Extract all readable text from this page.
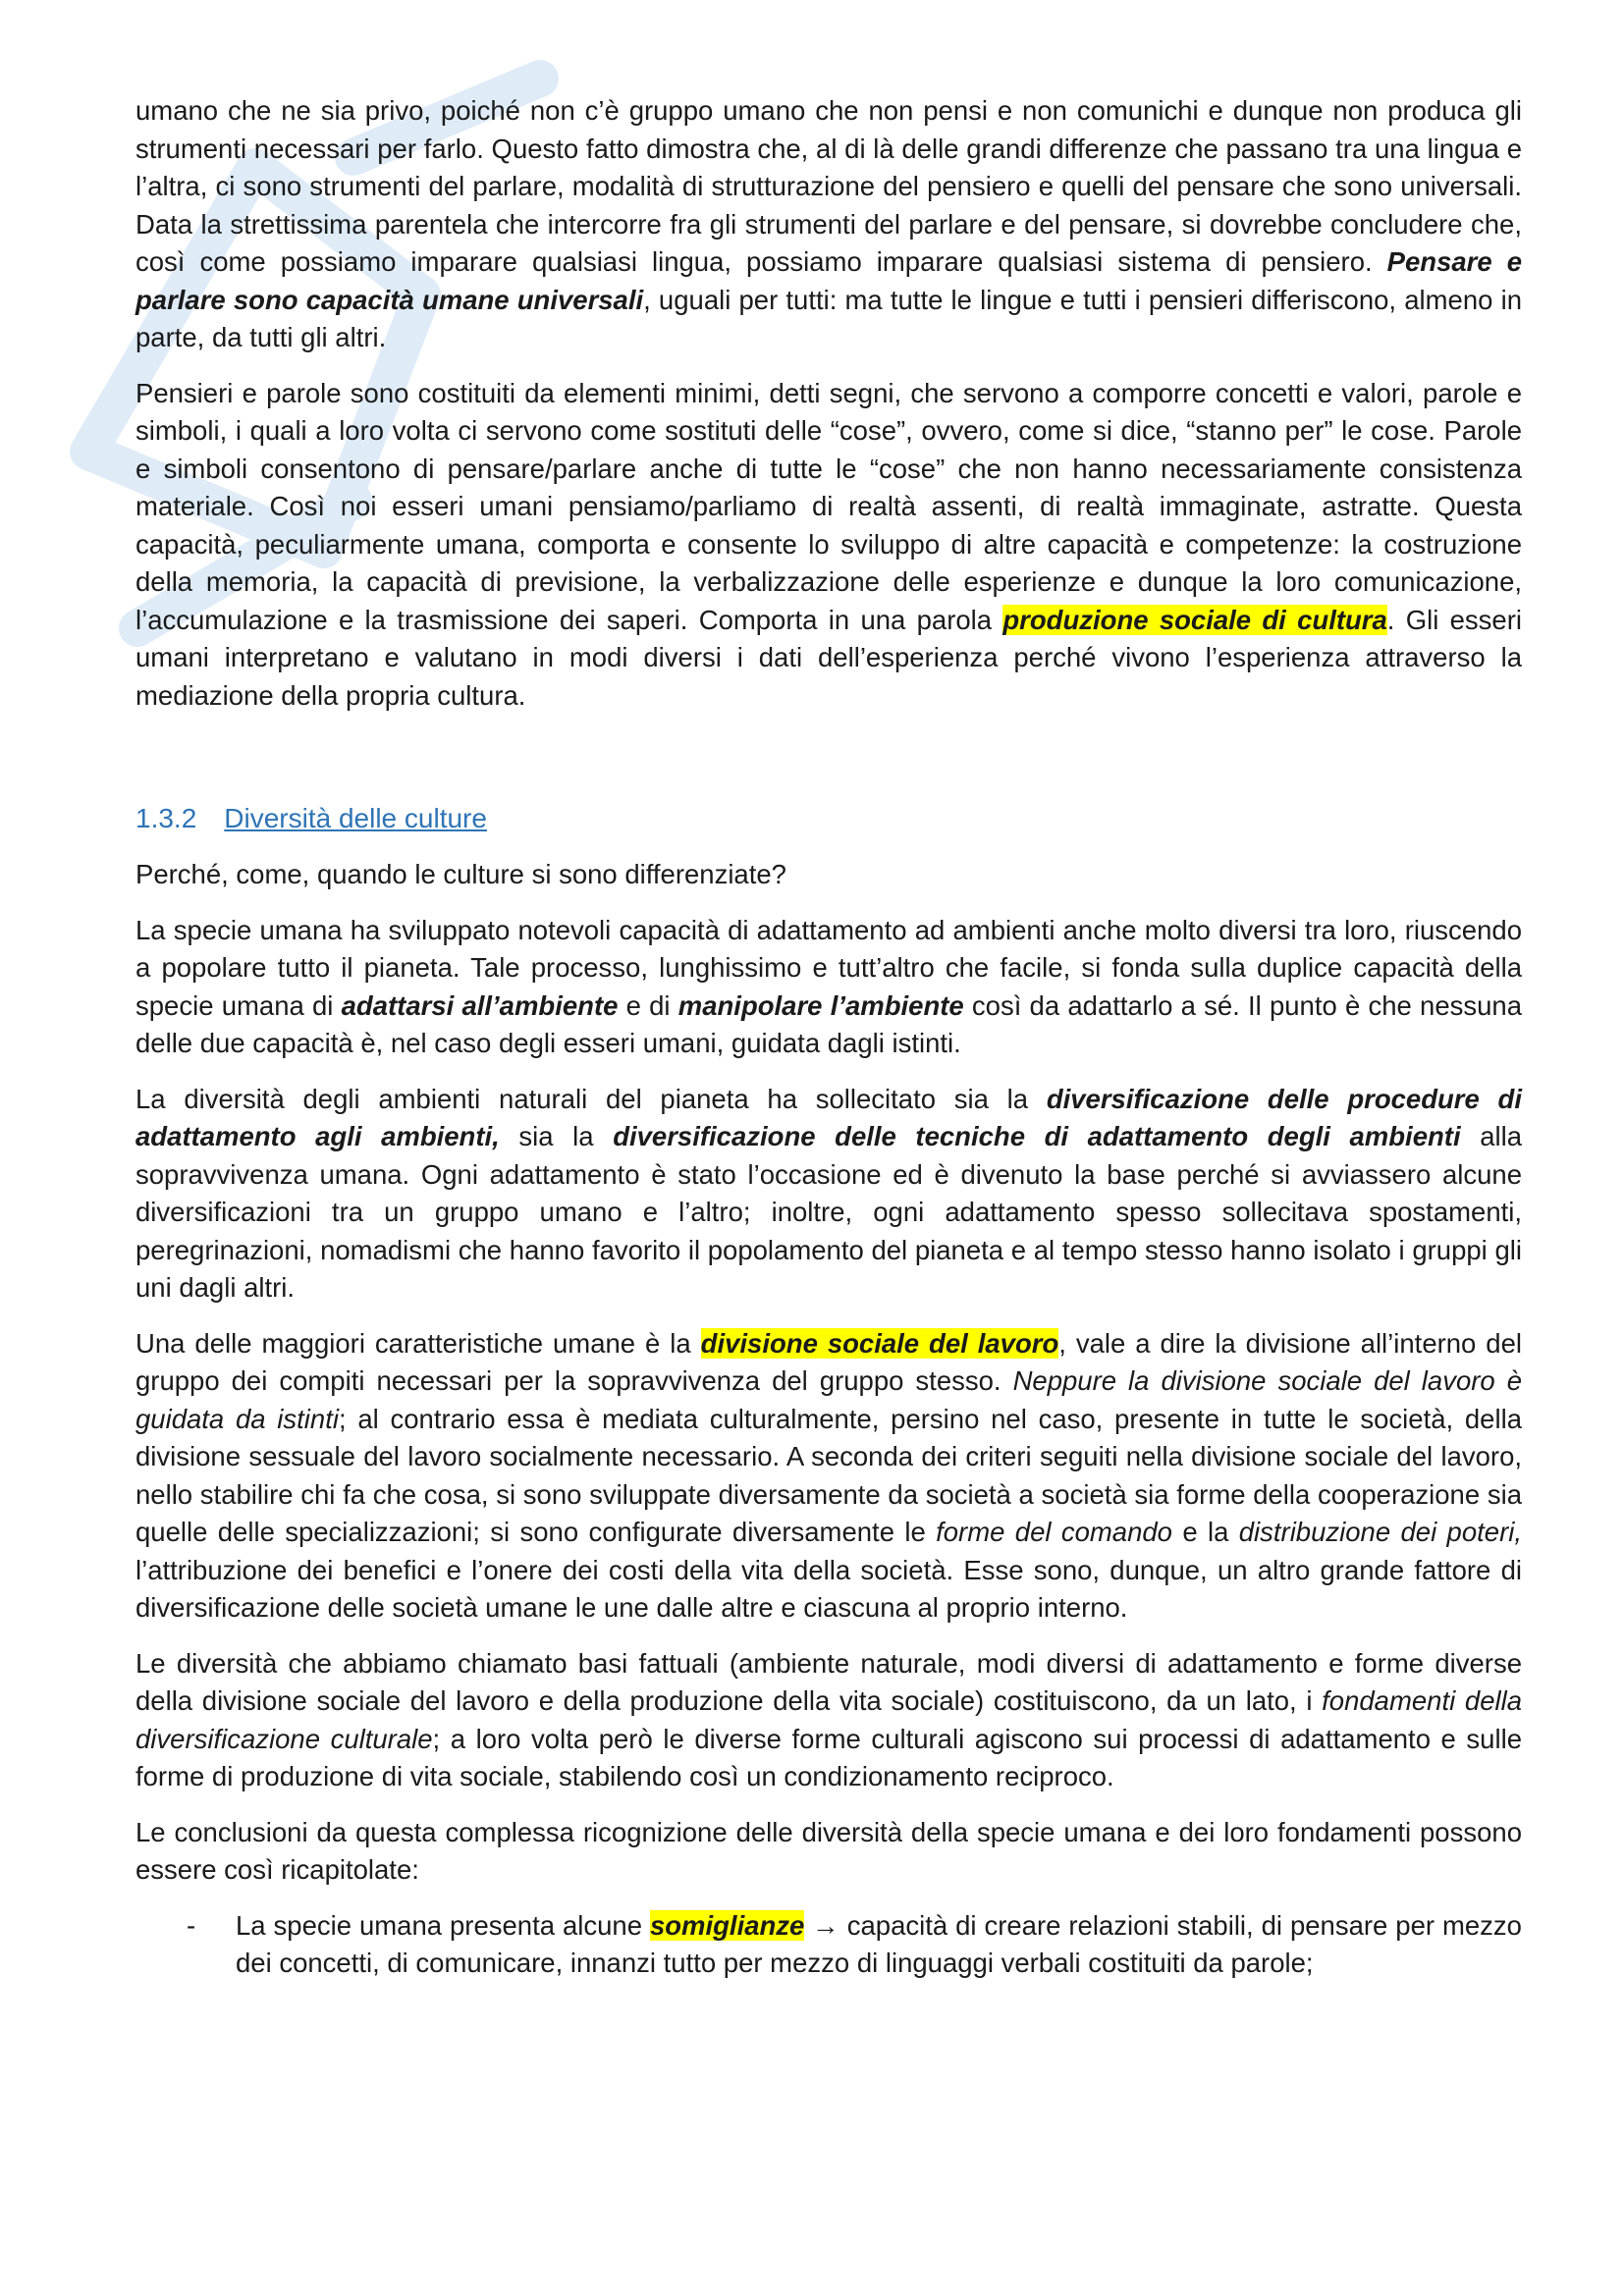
umano che ne sia privo, poiché non c’è gruppo umano che non pensi e non comunichi e dunque non produca gli strumenti necessari per farlo. Questo fatto dimostra che, al di là delle grandi differenze che passano tra una lingua e l’altra, ci sono strumenti del parlare, modalità di strutturazione del pensiero e quelli del pensare che sono universali. Data la strettissima parentela che intercorre fra gli strumenti del parlare e del pensare, si dovrebbe concludere che, così come possiamo imparare qualsiasi lingua, possiamo imparare qualsiasi sistema di pensiero. Pensare e parlare sono capacità umane universali, uguali per tutti: ma tutte le lingue e tutti i pensieri differiscono, almeno in parte, da tutti gli altri.

Pensieri e parole sono costituiti da elementi minimi, detti segni, che servono a comporre concetti e valori, parole e simboli, i quali a loro volta ci servono come sostituti delle “cose”, ovvero, come si dice, “stanno per” le cose. Parole e simboli consentono di pensare/parlare anche di tutte le “cose” che non hanno necessariamente consistenza materiale. Così noi esseri umani pensiamo/parliamo di realtà assenti, di realtà immaginate, astratte. Questa capacità, peculiarmente umana, comporta e consente lo sviluppo di altre capacità e competenze: la costruzione della memoria, la capacità di previsione, la verbalizzazione delle esperienze e dunque la loro comunicazione, l’accumulazione e la trasmissione dei saperi. Comporta in una parola produzione sociale di cultura. Gli esseri umani interpretano e valutano in modi diversi i dati dell’esperienza perché vivono l’esperienza attraverso la mediazione della propria cultura.

1.3.2 Diversità delle culture

Perché, come, quando le culture si sono differenziate?

La specie umana ha sviluppato notevoli capacità di adattamento ad ambienti anche molto diversi tra loro, riuscendo a popolare tutto il pianeta. Tale processo, lunghissimo e tutt’altro che facile, si fonda sulla duplice capacità della specie umana di adattarsi all’ambiente e di manipolare l’ambiente così da adattarlo a sé. Il punto è che nessuna delle due capacità è, nel caso degli esseri umani, guidata dagli istinti.

La diversità degli ambienti naturali del pianeta ha sollecitato sia la diversificazione delle procedure di adattamento agli ambienti, sia la diversificazione delle tecniche di adattamento degli ambienti alla sopravvivenza umana. Ogni adattamento è stato l’occasione ed è divenuto la base perché si avviassero alcune diversificazioni tra un gruppo umano e l’altro; inoltre, ogni adattamento spesso sollecitava spostamenti, peregrinazioni, nomadismi che hanno favorito il popolamento del pianeta e al tempo stesso hanno isolato i gruppi gli uni dagli altri.

Una delle maggiori caratteristiche umane è la divisione sociale del lavoro, vale a dire la divisione all’interno del gruppo dei compiti necessari per la sopravvivenza del gruppo stesso. Neppure la divisione sociale del lavoro è guidata da istinti; al contrario essa è mediata culturalmente, persino nel caso, presente in tutte le società, della divisione sessuale del lavoro socialmente necessario. A seconda dei criteri seguiti nella divisione sociale del lavoro, nello stabilire chi fa che cosa, si sono sviluppate diversamente da società a società sia forme della cooperazione sia quelle delle specializzazioni; si sono configurate diversamente le forme del comando e la distribuzione dei poteri, l’attribuzione dei benefici e l’onere dei costi della vita della società. Esse sono, dunque, un altro grande fattore di diversificazione delle società umane le une dalle altre e ciascuna al proprio interno.

Le diversità che abbiamo chiamato basi fattuali (ambiente naturale, modi diversi di adattamento e forme diverse della divisione sociale del lavoro e della produzione della vita sociale) costituiscono, da un lato, i fondamenti della diversificazione culturale; a loro volta però le diverse forme culturali agiscono sui processi di adattamento e sulle forme di produzione di vita sociale, stabilendo così un condizionamento reciproco.

Le conclusioni da questa complessa ricognizione delle diversità della specie umana e dei loro fondamenti possono essere così ricapitolate:

- La specie umana presenta alcune somiglianze → capacità di creare relazioni stabili, di pensare per mezzo dei concetti, di comunicare, innanzi tutto per mezzo di linguaggi verbali costituiti da parole;
